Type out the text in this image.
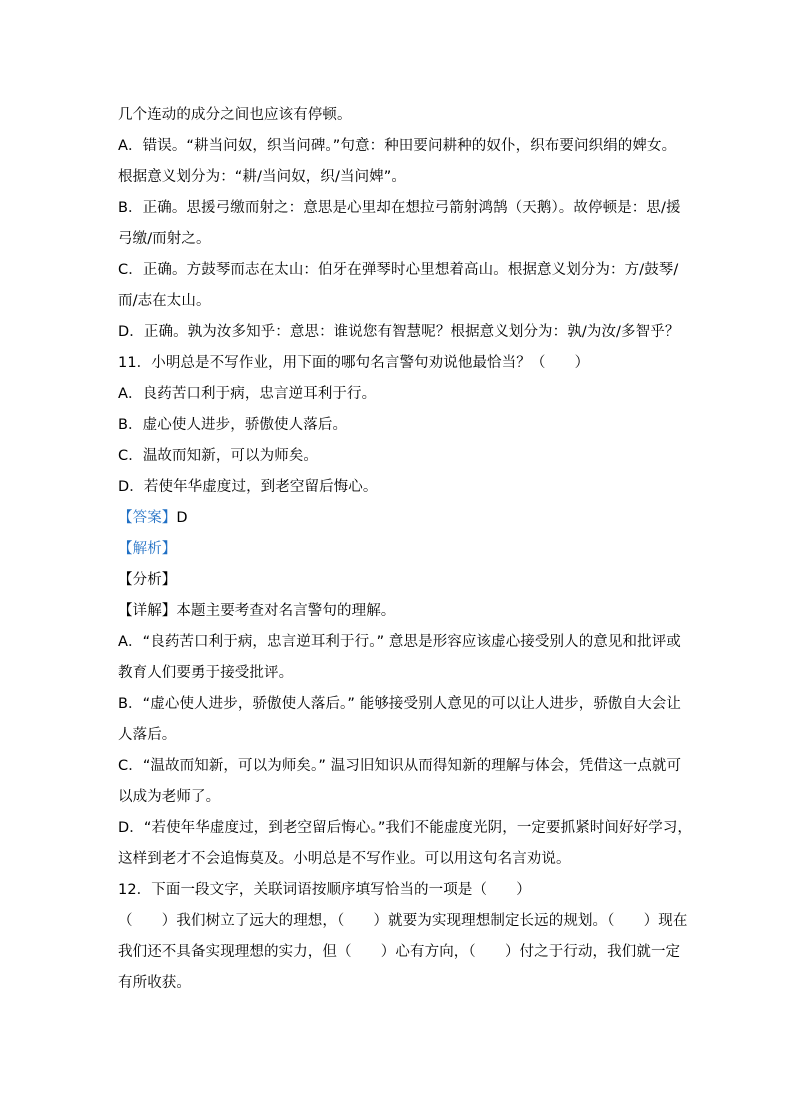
几个连动的成分之间也应该有停顿。
A．错误。“耕当问奴，织当问碑。”句意：种田要问耕种的奴仆，织布要问织绢的婢女。
根据意义划分为：“耕/当问奴，织/当问婢”。
B．正确。思援弓缴而射之：意思是心里却在想拉弓箭射鸿鹄（天鹅）。故停顿是：思/援
弓缴/而射之。
C．正确。方鼓琴而志在太山：伯牙在弹琴时心里想着高山。根据意义划分为：方/鼓琴/
而/志在太山。
D．正确。孰为汝多知乎：意思：谁说您有智慧呢？根据意义划分为：孰/为汝/多智乎？
11．小明总是不写作业，用下面的哪句名言警句劝说他最恰当？（　　）
A．良药苦口利于病，忠言逆耳利于行。
B．虚心使人进步，骄傲使人落后。
C．温故而知新，可以为师矣。
D．若使年华虚度过，到老空留后悔心。
【答案】D
【解析】
【分析】
【详解】本题主要考查对名言警句的理解。
A．“良药苦口利于病，忠言逆耳利于行。” 意思是形容应该虚心接受别人的意见和批评或
教育人们要勇于接受批评。
B．“虚心使人进步，骄傲使人落后。” 能够接受别人意见的可以让人进步，骄傲自大会让
人落后。
C．“温故而知新，可以为师矣。” 温习旧知识从而得知新的理解与体会，凭借这一点就可
以成为老师了。
D．“若使年华虚度过，到老空留后悔心。”我们不能虚度光阴，一定要抓紧时间好好学习，
这样到老才不会追悔莫及。小明总是不写作业。可以用这句名言劝说。
12．下面一段文字，关联词语按顺序填写恰当的一项是（　　）
（　　）我们树立了远大的理想，（　　）就要为实现理想制定长远的规划。（　　）现在
我们还不具备实现理想的实力，但（　　）心有方向，（　　）付之于行动，我们就一定
有所收获。
